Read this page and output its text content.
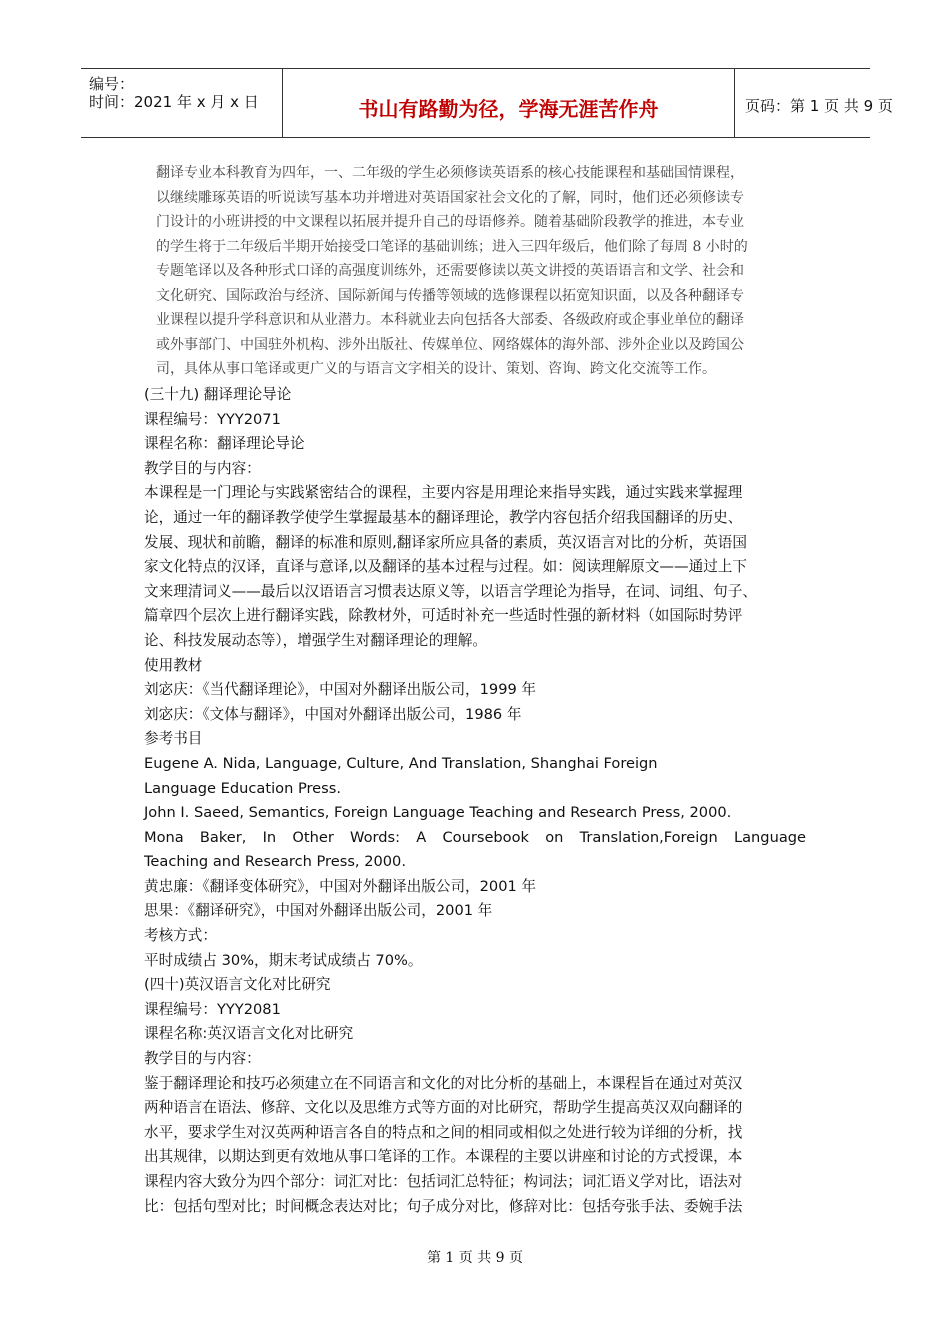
编号：
时间：2021 年 x 月 x 日	书山有路勤为径，学海无涯苦作舟	页码：第 1 页 共 9 页
翻译专业本科教育为四年，一、二年级的学生必须修读英语系的核心技能课程和基础国情课程，
以继续雕琢英语的听说读写基本功并增进对英语国家社会文化的了解，同时，他们还必须修读专
门设计的小班讲授的中文课程以拓展并提升自己的母语修养。随着基础阶段教学的推进，本专业
的学生将于二年级后半期开始接受口笔译的基础训练；进入三四年级后，他们除了每周 8 小时的
专题笔译以及各种形式口译的高强度训练外，还需要修读以英文讲授的英语语言和文学、社会和
文化研究、国际政治与经济、国际新闻与传播等领域的选修课程以拓宽知识面，以及各种翻译专
业课程以提升学科意识和从业潜力。本科就业去向包括各大部委、各级政府或企事业单位的翻译
或外事部门、中国驻外机构、涉外出版社、传媒单位、网络媒体的海外部、涉外企业以及跨国公
司，具体从事口笔译或更广义的与语言文字相关的设计、策划、咨询、跨文化交流等工作。
(三十九) 翻译理论导论
课程编号：YYY2071
课程名称：翻译理论导论
教学目的与内容：
本课程是一门理论与实践紧密结合的课程，主要内容是用理论来指导实践，通过实践来掌握理
论，通过一年的翻译教学使学生掌握最基本的翻译理论，教学内容包括介绍我国翻译的历史、
发展、现状和前瞻，翻译的标准和原则,翻译家所应具备的素质，英汉语言对比的分析，英语国
家文化特点的汉译，直译与意译,以及翻译的基本过程与过程。如：阅读理解原文——通过上下
文来理清词义——最后以汉语语言习惯表达原义等，以语言学理论为指导，在词、词组、句子、
篇章四个层次上进行翻译实践，除教材外，可适时补充一些适时性强的新材料（如国际时势评
论、科技发展动态等），增强学生对翻译理论的理解。
使用教材
刘宓庆：《当代翻译理论》，中国对外翻译出版公司，1999 年
刘宓庆：《文体与翻译》，中国对外翻译出版公司，1986 年
参考书目
Eugene A. Nida, Language, Culture, And Translation, Shanghai Foreign
Language Education Press.
John I. Saeed, Semantics, Foreign Language Teaching and Research Press, 2000.
Mona Baker, In Other Words: A Coursebook on Translation,Foreign Language
Teaching and Research Press, 2000.
黄忠廉：《翻译变体研究》，中国对外翻译出版公司，2001 年
思果：《翻译研究》，中国对外翻译出版公司，2001 年
考核方式：
平时成绩占 30%，期末考试成绩占 70%。
(四十)英汉语言文化对比研究
课程编号：YYY2081
课程名称:英汉语言文化对比研究
教学目的与内容：
鉴于翻译理论和技巧必须建立在不同语言和文化的对比分析的基础上，本课程旨在通过对英汉
两种语言在语法、修辞、文化以及思维方式等方面的对比研究，帮助学生提高英汉双向翻译的
水平，要求学生对汉英两种语言各自的特点和之间的相同或相似之处进行较为详细的分析，找
出其规律，以期达到更有效地从事口笔译的工作。本课程的主要以讲座和讨论的方式授课，本
课程内容大致分为四个部分：词汇对比：包括词汇总特征；构词法；词汇语义学对比，语法对
比：包括句型对比；时间概念表达对比；句子成分对比，修辞对比：包括夸张手法、委婉手法
第 1 页 共 9 页
